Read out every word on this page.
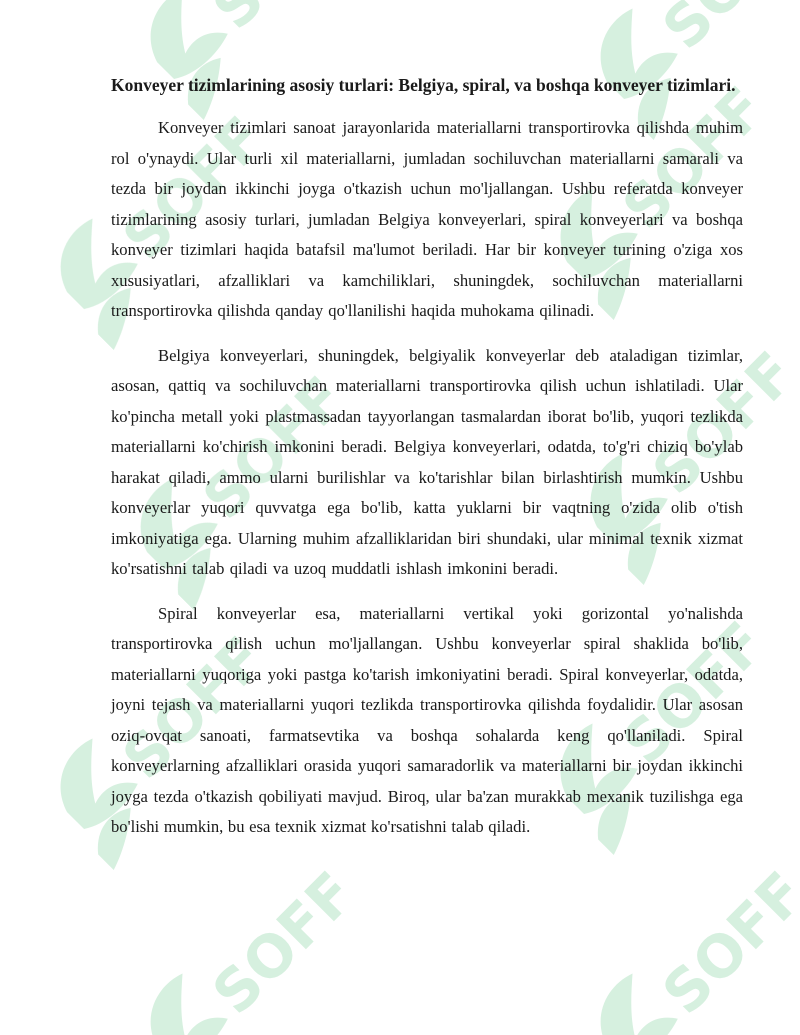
SOFF

Konveyer tizimlarining asosiy turlari: Belgiya, spiral, va boshqa konveyer tizimlari.

Konveyer tizimlari sanoat jarayonlarida materiallarni transportirovka qilishda muhim rol o'ynaydi. Ular turli xil materiallarni, jumladan sochiluvchan materiallarni samarali va tezda bir joydan ikkinchi joyga o'tkazish uchun mo'ljallangan. Ushbu referatda konveyer tizimlarining asosiy turlari, jumladan Belgiya konveyerlari, spiral konveyerlari va boshqa konveyer tizimlari haqida batafsil ma'lumot beriladi. Har bir konveyer turining o'ziga xos xususiyatlari, afzalliklari va kamchiliklari, shuningdek, sochiluvchan materiallarni transportirovka qilishda qanday qo'llanilishi haqida muhokama qilinadi.

Belgiya konveyerlari, shuningdek, belgiyalik konveyerlar deb ataladigan tizimlar, asosan, qattiq va sochiluvchan materiallarni transportirovka qilish uchun ishlatiladi. Ular ko'pincha metall yoki plastmassadan tayyorlangan tasmalardan iborat bo'lib, yuqori tezlikda materiallarni ko'chirish imkonini beradi. Belgiya konveyerlari, odatda, to'g'ri chiziq bo'ylab harakat qiladi, ammo ularni burilishlar va ko'tarishlar bilan birlashtirish mumkin. Ushbu konveyerlar yuqori quvvatga ega bo'lib, katta yuklarni bir vaqtning o'zida olib o'tish imkoniyatiga ega. Ularning muhim afzalliklaridan biri shundaki, ular minimal texnik xizmat ko'rsatishni talab qiladi va uzoq muddatli ishlash imkonini beradi.

Spiral konveyerlar esa, materiallarni vertikal yoki gorizontal yo'nalishda transportirovka qilish uchun mo'ljallangan. Ushbu konveyerlar spiral shaklida bo'lib, materiallarni yuqoriga yoki pastga ko'tarish imkoniyatini beradi. Spiral konveyerlar, odatda, joyni tejash va materiallarni yuqori tezlikda transportirovka qilishda foydalidir. Ular asosan oziq-ovqat sanoati, farmatsevtika va boshqa sohalarda keng qo'llaniladi. Spiral konveyerlarning afzalliklari orasida yuqori samaradorlik va materiallarni bir joydan ikkinchi joyga tezda o'tkazish qobiliyati mavjud. Biroq, ular ba'zan murakkab mexanik tuzilishga ega bo'lishi mumkin, bu esa texnik xizmat ko'rsatishni talab qiladi.
